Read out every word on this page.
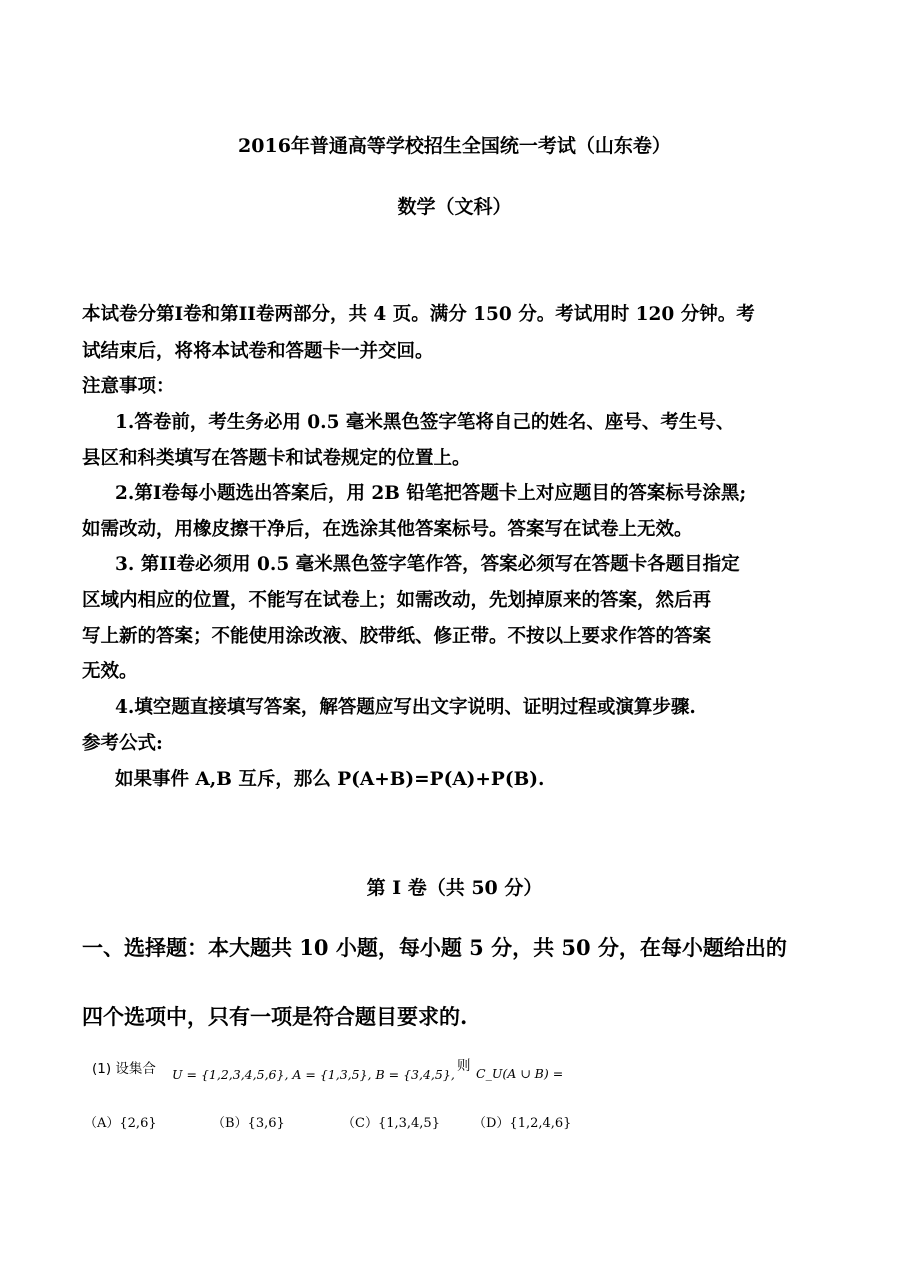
2016年普通高等学校招生全国统一考试（山东卷）
数学（文科）
本试卷分第I卷和第II卷两部分，共 4 页。满分 150 分。考试用时 120 分钟。考
试结束后，将将本试卷和答题卡一并交回。
注意事项：
1.答卷前，考生务必用 0.5 毫米黑色签字笔将自己的姓名、座号、考生号、
县区和科类填写在答题卡和试卷规定的位置上。
2.第I卷每小题选出答案后，用 2B 铅笔把答题卡上对应题目的答案标号涂黑;
如需改动，用橡皮擦干净后，在选涂其他答案标号。答案写在试卷上无效。
3. 第II卷必须用 0.5 毫米黑色签字笔作答，答案必须写在答题卡各题目指定
区域内相应的位置，不能写在试卷上；如需改动，先划掉原来的答案，然后再
写上新的答案；不能使用涂改液、胶带纸、修正带。不按以上要求作答的答案
无效。
4.填空题直接填写答案，解答题应写出文字说明、证明过程或演算步骤.
参考公式:
如果事件 A,B 互斥，那么 P(A+B)=P(A)+P(B).
第 I 卷（共 50 分）
一、选择题：本大题共 10 小题，每小题 5 分，共 50 分，在每小题给出的
四个选项中，只有一项是符合题目要求的.
(1) 设集合 U = {1,2,3,4,5,6}, A = {1,3,5}, B = {3,4,5},
则 C_U(A ∪ B) =
（A）{2,6}	（B）{3,6}	（C）{1,3,4,5}	（D）{1,2,4,6}
